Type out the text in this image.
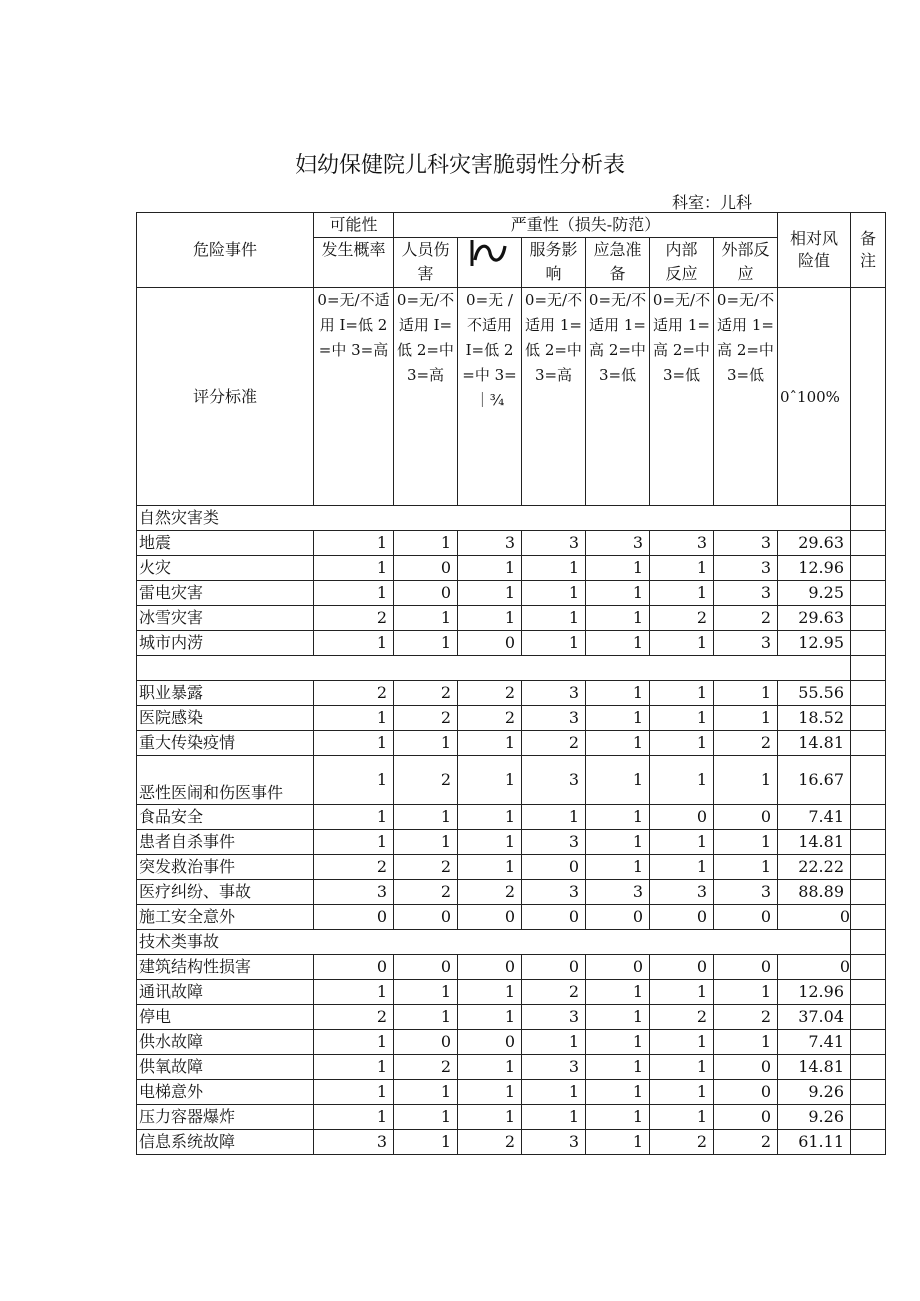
妇幼保健院儿科灾害脆弱性分析表
科室：儿科
危险事件	可能性	严重性（损失-防范）						相对风险值	备注
	发生概率	人员伤害		服务影响	应急准备	内部反应	外部反应		
评分标准	0=无/不适用 I=低 2=中 3=高	0=无/不适用 I=低 2=中 3=高	0=无 /不适用 I=低 2=中 3=｜¾	0=无/不适用 1=低 2=中 3=高	0=无/不适用 1=高 2=中 3=低	0=无/不适用 1=高 2=中 3=低	0=无/不适用 1=高 2=中 3=低	0ˆ100%	
自然灾害类									
地震	1	1	3	3	3	3	3	29.63	
火灾	1	0	1	1	1	1	3	12.96	
雷电灾害	1	0	1	1	1	1	3	9.25	
冰雪灾害	2	1	1	1	1	2	2	29.63	
城市内涝	1	1	0	1	1	1	3	12.95	

职业暴露	2	2	2	3	1	1	1	55.56	
医院感染	1	2	2	3	1	1	1	18.52	
重大传染疫情	1	1	1	2	1	1	2	14.81	
恶性医闹和伤医事件	1	2	1	3	1	1	1	16.67	
食品安全	1	1	1	1	1	0	0	7.41	
患者自杀事件	1	1	1	3	1	1	1	14.81	
突发救治事件	2	2	1	0	1	1	1	22.22	
医疗纠纷、事故	3	2	2	3	3	3	3	88.89	
施工安全意外	0	0	0	0	0	0	0	0	
技术类事故									
建筑结构性损害	0	0	0	0	0	0	0	0	
通讯故障	1	1	1	2	1	1	1	12.96	
停电	2	1	1	3	1	2	2	37.04	
供水故障	1	0	0	1	1	1	1	7.41	
供氧故障	1	2	1	3	1	1	0	14.81	
电梯意外	1	1	1	1	1	1	0	9.26	
压力容器爆炸	1	1	1	1	1	1	0	9.26	
信息系统故障	3	1	2	3	1	2	2	61.11	
